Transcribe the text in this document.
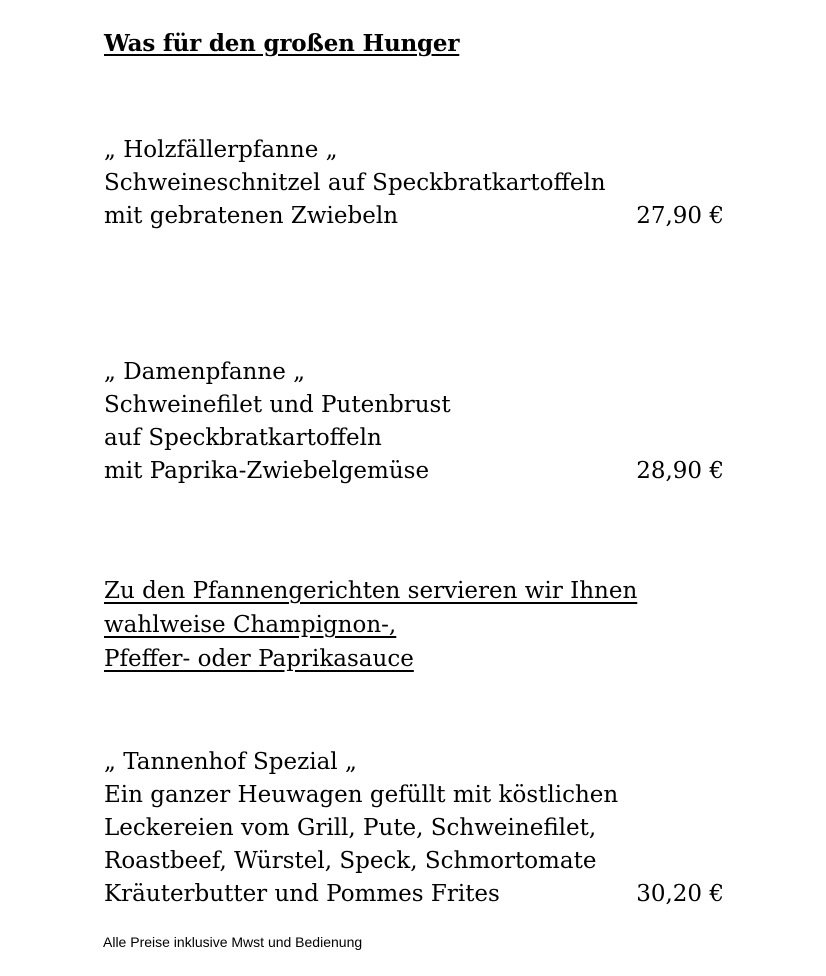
Was für den großen Hunger
„ Holzfällerpfanne „
Schweineschnitzel auf Speckbratkartoffeln
mit gebratenen Zwiebeln	27,90 €
„ Damenpfanne „
Schweinefilet und Putenbrust
auf Speckbratkartoffeln
mit Paprika-Zwiebelgemüse	28,90 €
Zu den Pfannengerichten servieren wir Ihnen
wahlweise Champignon-,
Pfeffer- oder Paprikasauce
„ Tannenhof Spezial „
Ein ganzer Heuwagen gefüllt mit köstlichen
Leckereien vom Grill, Pute, Schweinefilet,
Roastbeef, Würstel, Speck, Schmortomate
Kräuterbutter und Pommes Frites	30,20 €
Alle Preise inklusive Mwst und Bedienung
